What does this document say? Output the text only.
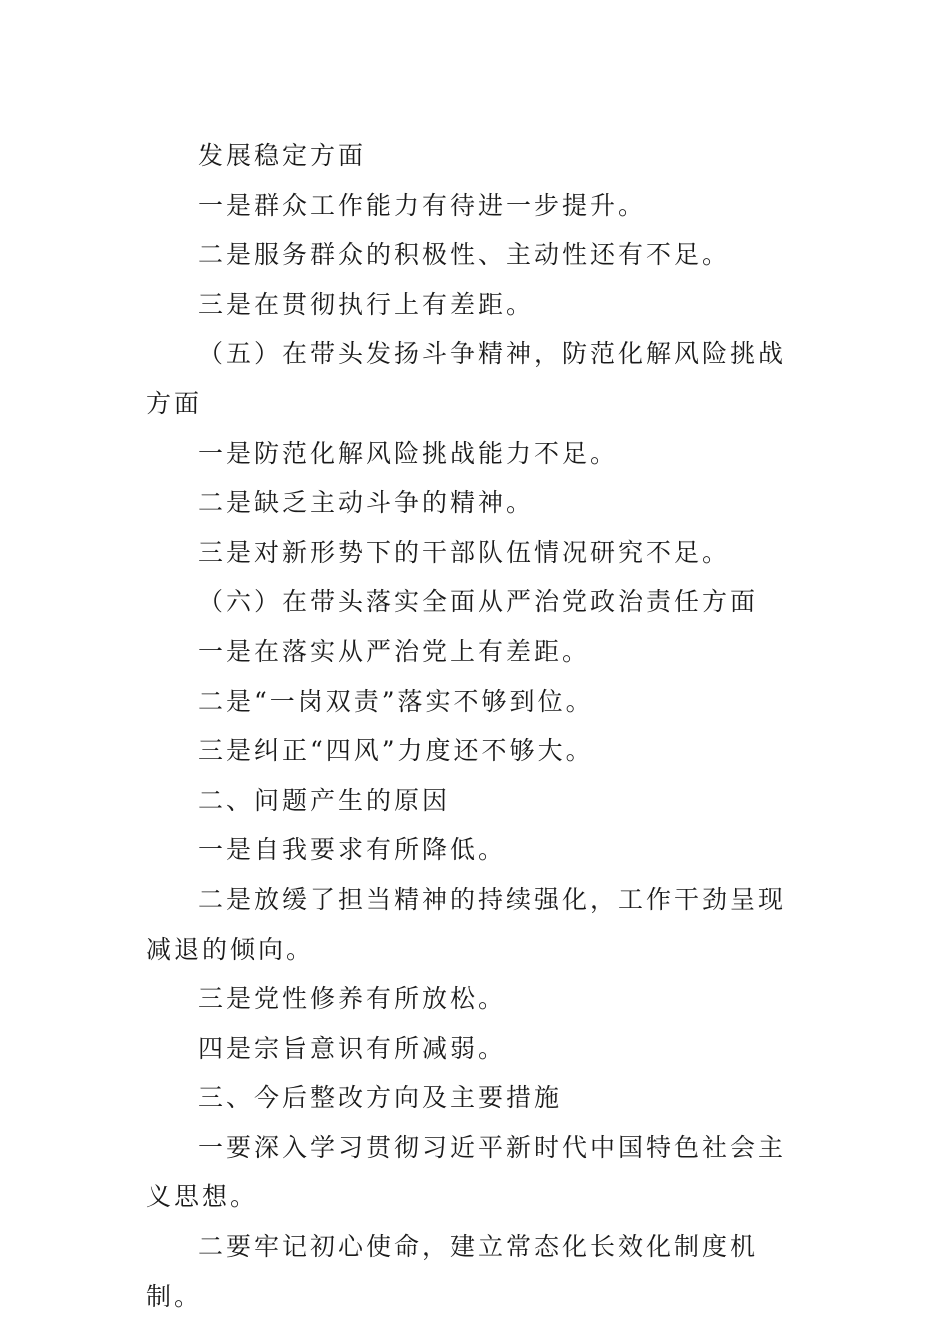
发展稳定方面

一是群众工作能力有待进一步提升。

二是服务群众的积极性、主动性还有不足。

三是在贯彻执行上有差距。

（五）在带头发扬斗争精神，防范化解风险挑战方面

一是防范化解风险挑战能力不足。

二是缺乏主动斗争的精神。

三是对新形势下的干部队伍情况研究不足。

（六）在带头落实全面从严治党政治责任方面

一是在落实从严治党上有差距。

二是“一岗双责”落实不够到位。

三是纠正“四风”力度还不够大。

二、问题产生的原因

一是自我要求有所降低。

二是放缓了担当精神的持续强化，工作干劲呈现减退的倾向。

三是党性修养有所放松。

四是宗旨意识有所减弱。

三、今后整改方向及主要措施

一要深入学习贯彻习近平新时代中国特色社会主义思想。

二要牢记初心使命，建立常态化长效化制度机制。
